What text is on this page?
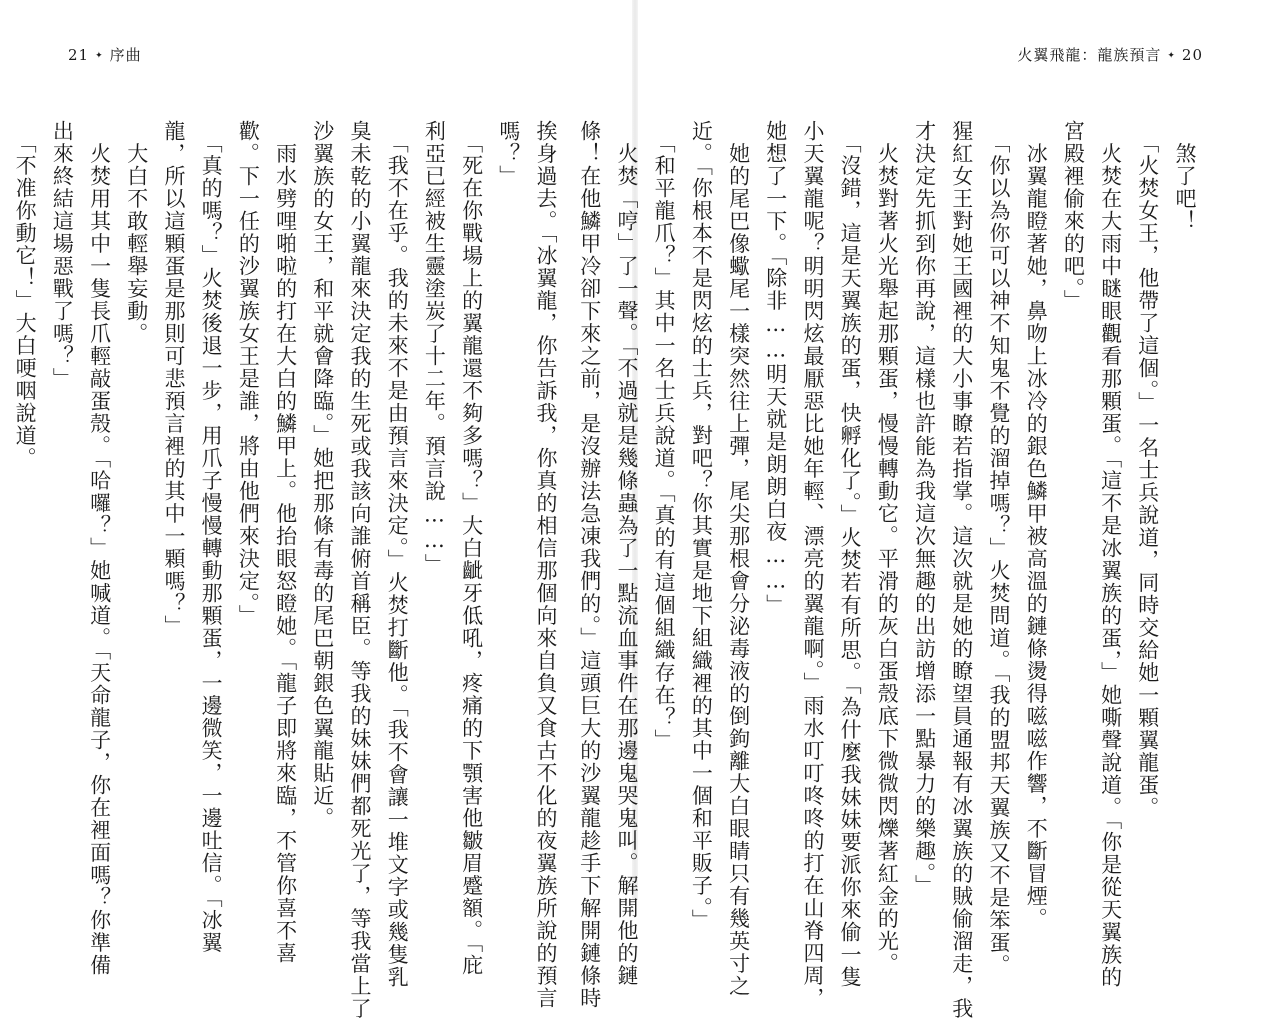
21 ✦ 序曲	火翼飛龍：龍族預言 ✦ 20

　煞了吧！

　「火焚女王，他帶了這個。」一名士兵說道，同時交給她一顆翼龍蛋。

　火焚在大雨中瞇眼觀看那顆蛋。「這不是冰翼族的蛋，」她嘶聲說道。「你是從天翼族的

宮殿裡偷來的吧。」

　冰翼龍瞪著她，鼻吻上冰冷的銀色鱗甲被高溫的鏈條燙得嗞嗞作響，不斷冒煙。

　「你以為你可以神不知鬼不覺的溜掉嗎？」火焚問道。「我的盟邦天翼族又不是笨蛋。

猩紅女王對她王國裡的大小事瞭若指掌。這次就是她的瞭望員通報有冰翼族的賊偷溜走，我

才決定先抓到你再說，這樣也許能為我這次無趣的出訪增添一點暴力的樂趣。」

　火焚對著火光舉起那顆蛋，慢慢轉動它。平滑的灰白蛋殼底下微微閃爍著紅金的光。

　「沒錯，這是天翼族的蛋，快孵化了。」火焚若有所思。「為什麼我妹妹要派你來偷一隻

小天翼龍呢？明明閃炫最厭惡比她年輕、漂亮的翼龍啊。」雨水叮叮咚咚的打在山脊四周，

她想了一下。「除非……明天就是朗朗白夜……」

　她的尾巴像蠍尾一樣突然往上彈，尾尖那根會分泌毒液的倒鉤離大白眼睛只有幾英寸之

近。「你根本不是閃炫的士兵，對吧？你其實是地下組織裡的其中一個和平販子。」

　「和平龍爪？」其中一名士兵說道。「真的有這個組織存在？」

　火焚「哼」了一聲。「不過就是幾條蟲為了一點流血事件在那邊鬼哭鬼叫。解開他的鏈

條！在他鱗甲冷卻下來之前，是沒辦法急凍我們的。」這頭巨大的沙翼龍趁手下解開鏈條時

挨身過去。「冰翼龍，你告訴我，你真的相信那個向來自負又食古不化的夜翼族所說的預言

嗎？」

　「死在你戰場上的翼龍還不夠多嗎？」大白齜牙低吼，疼痛的下顎害他皺眉蹙額。「庇

利亞已經被生靈塗炭了十二年。預言說……」

　「我不在乎。我的未來不是由預言來決定。」火焚打斷他。「我不會讓一堆文字或幾隻乳

臭未乾的小翼龍來決定我的生死或我該向誰俯首稱臣。等我的妹妹們都死光了，等我當上了

沙翼族的女王，和平就會降臨。」她把那條有毒的尾巴朝銀色翼龍貼近。

　雨水劈哩啪啦的打在大白的鱗甲上。他抬眼怒瞪她。「龍子即將來臨，不管你喜不喜

歡。下一任的沙翼族女王是誰，將由他們來決定。」

　「真的嗎？」火焚後退一步，用爪子慢慢轉動那顆蛋，一邊微笑，一邊吐信。「冰翼

龍，所以這顆蛋是那則可悲預言裡的其中一顆嗎？」

　大白不敢輕舉妄動。

　火焚用其中一隻長爪輕敲蛋殼。「哈囉？」她喊道。「天命龍子，你在裡面嗎？你準備

出來終結這場惡戰了嗎？」

　「不准你動它！」大白哽咽說道。
